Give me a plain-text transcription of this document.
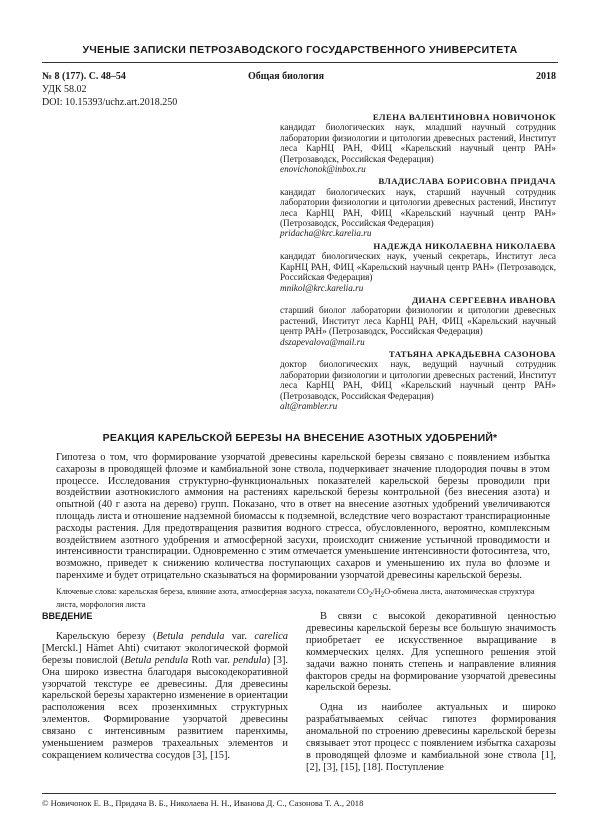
УЧЕНЫЕ ЗАПИСКИ ПЕТРОЗАВОДСКОГО ГОСУДАРСТВЕННОГО УНИВЕРСИТЕТА
№ 8 (177). С. 48–54	Общая биология	2018
УДК 58.02
DOI: 10.15393/uchz.art.2018.250
ЕЛЕНА ВАЛЕНТИНОВНА НОВИЧОНОК
кандидат биологических наук, младший научный сотрудник лаборатории физиологии и цитологии древесных растений, Институт леса КарНЦ РАН, ФИЦ «Карельский научный центр РАН» (Петрозаводск, Российская Федерация)
enovichonok@inbox.ru
ВЛАДИСЛАВА БОРИСОВНА ПРИДАЧА
кандидат биологических наук, старший научный сотрудник лаборатории физиологии и цитологии древесных растений, Институт леса КарНЦ РАН, ФИЦ «Карельский научный центр РАН» (Петрозаводск, Российская Федерация)
pridacha@krc.karelia.ru
НАДЕЖДА НИКОЛАЕВНА НИКОЛАЕВА
кандидат биологических наук, ученый секретарь, Институт леса КарНЦ РАН, ФИЦ «Карельский научный центр РАН» (Петрозаводск, Российская Федерация)
mnikol@krc.karelia.ru
ДИАНА СЕРГЕЕВНА ИВАНОВА
старший биолог лаборатории физиологии и цитологии древесных растений, Институт леса КарНЦ РАН, ФИЦ «Карельский научный центр РАН» (Петрозаводск, Российская Федерация)
dszapevalova@mail.ru
ТАТЬЯНА АРКАДЬЕВНА САЗОНОВА
доктор биологических наук, ведущий научный сотрудник лаборатории физиологии и цитологии древесных растений, Институт леса КарНЦ РАН, ФИЦ «Карельский научный центр РАН» (Петрозаводск, Российская Федерация)
alt@rambler.ru
РЕАКЦИЯ КАРЕЛЬСКОЙ БЕРЕЗЫ НА ВНЕСЕНИЕ АЗОТНЫХ УДОБРЕНИЙ*
Гипотеза о том, что формирование узорчатой древесины карельской березы связано с появлением избытка сахарозы в проводящей флоэме и камбиальной зоне ствола, подчеркивает значение плодородия почвы в этом процессе. Исследования структурно-функциональных показателей карельской березы проводили при воздействии азотнокислого аммония на растениях карельской березы контрольной (без внесения азота) и опытной (40 г азота на дерево) групп. Показано, что в ответ на внесение азотных удобрений увеличиваются площадь листа и отношение надземной биомассы к подземной, вследствие чего возрастают транспирационные расходы растения. Для предотвращения развития водного стресса, обусловленного, вероятно, комплексным воздействием азотного удобрения и атмосферной засухи, происходит снижение устьичной проводимости и интенсивности транспирации. Одновременно с этим отмечается уменьшение интенсивности фотосинтеза, что, возможно, приведет к снижению количества поступающих сахаров и уменьшению их пула во флоэме и паренхиме и будет отрицательно сказываться на формировании узорчатой древесины карельской березы.
Ключевые слова: карельская береза, влияние азота, атмосферная засуха, показатели $CO_2/H_2O$-обмена листа, анатомическая структура листа, морфология листа
ВВЕДЕНИЕ

Карельскую березу (Betula pendula var. carelica [Merckl.] Hämet Ahti) считают экологической формой березы повислой (Betula pendula Roth var. pendula) [3]. Она широко известна благодаря высокодекоративной узорчатой текстуре ее древесины. Для древесины карельской березы характерно изменение в ориентации расположения всех прозенхимных структурных элементов. Формирование узорчатой древесины связано с интенсивным развитием паренхимы, уменьшением размеров трахеальных элементов и сокращением количества сосудов [3], [15].

В связи с высокой декоративной ценностью древесины карельской березы все большую значимость приобретает ее искусственное выращивание в коммерческих целях. Для успешного решения этой задачи важно понять степень и направление влияния факторов среды на формирование узорчатой древесины карельской березы.

Одна из наиболее актуальных и широко разрабатываемых сейчас гипотез формирования аномальной по строению древесины карельской березы связывает этот процесс с появлением избытка сахарозы в проводящей флоэме и камбиальной зоне ствола [1], [2], [3], [15], [18]. Поступление

© Новичонок Е. В., Придача В. Б., Николаева Н. Н., Иванова Д. С., Сазонова Т. А., 2018
